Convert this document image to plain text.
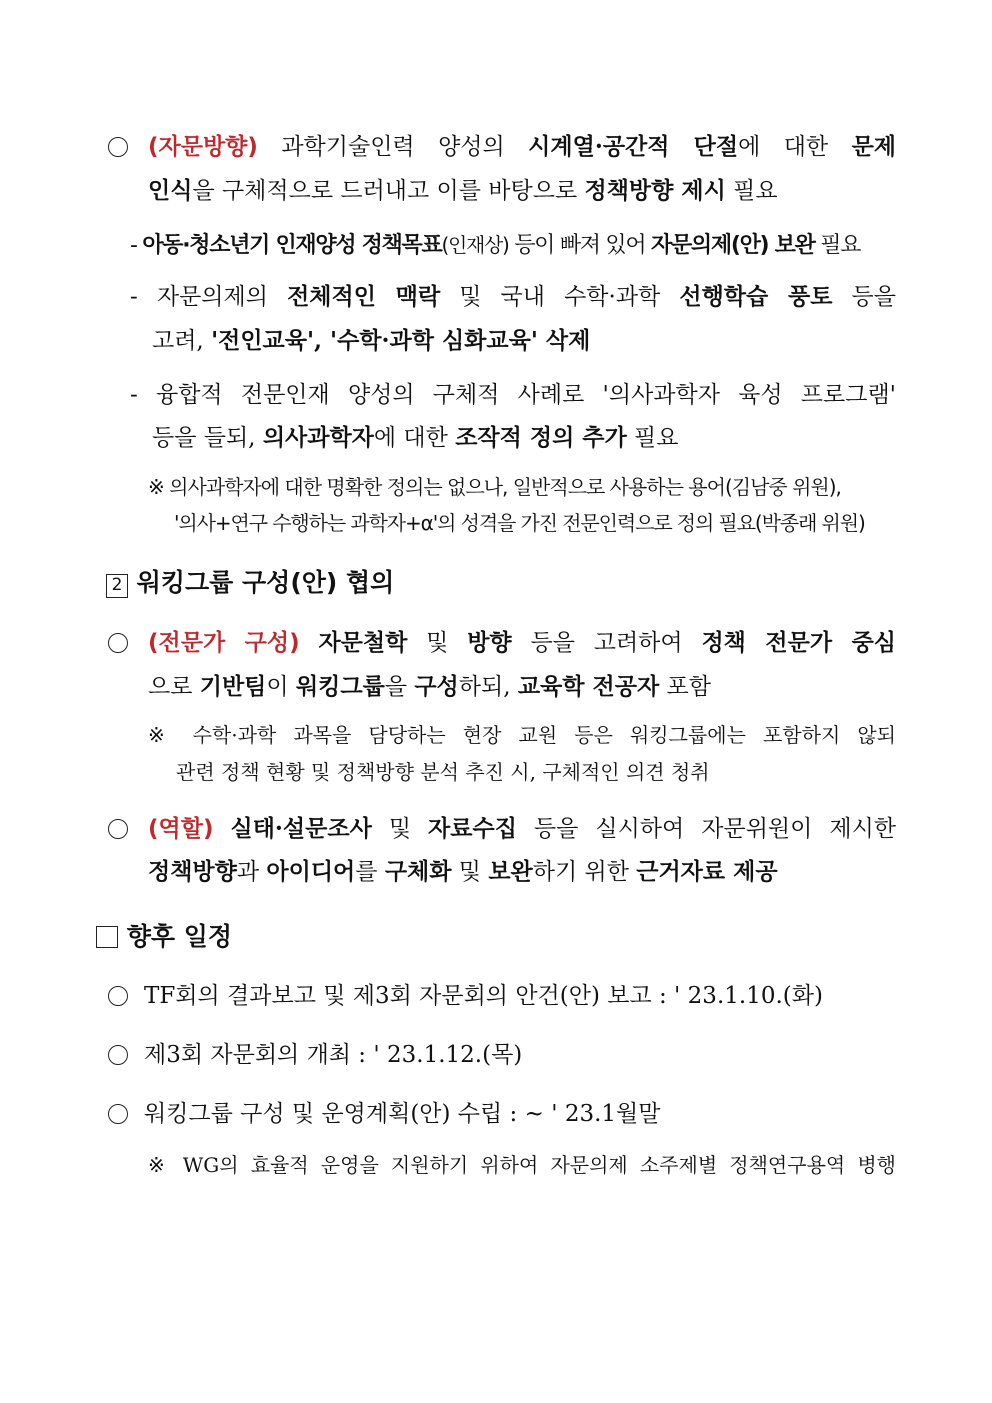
(자문방향) 과학기술인력 양성의 시계열·공간적 단절에 대한 문제
인식을 구체적으로 드러내고 이를 바탕으로 정책방향 제시 필요
- 아동·청소년기 인재양성 정책목표(인재상) 등이 빠져 있어 자문의제(안) 보완 필요
- 자문의제의 전체적인 맥락 및 국내 수학·과학 선행학습 풍토 등을
고려, '전인교육', '수학·과학 심화교육' 삭제
- 융합적 전문인재 양성의 구체적 사례로 '의사과학자 육성 프로그램'
등을 들되, 의사과학자에 대한 조작적 정의 추가 필요
※ 의사과학자에 대한 명확한 정의는 없으나, 일반적으로 사용하는 용어(김남중 위원),
'의사+연구 수행하는 과학자+α'의 성격을 가진 전문인력으로 정의 필요(박종래 위원)
2 워킹그룹 구성(안) 협의
(전문가 구성) 자문철학 및 방향 등을 고려하여 정책 전문가 중심
으로 기반팀이 워킹그룹을 구성하되, 교육학 전공자 포함
※ 수학·과학 과목을 담당하는 현장 교원 등은 워킹그룹에는 포함하지 않되
관련 정책 현황 및 정책방향 분석 추진 시, 구체적인 의견 청취
(역할) 실태·설문조사 및 자료수집 등을 실시하여 자문위원이 제시한
정책방향과 아이디어를 구체화 및 보완하기 위한 근거자료 제공
향후 일정
TF회의 결과보고 및 제3회 자문회의 안건(안) 보고 : ' 23.1.10.(화)
제3회 자문회의 개최 : ' 23.1.12.(목)
워킹그룹 구성 및 운영계획(안) 수립 : ~ ' 23.1월말
※ WG의 효율적 운영을 지원하기 위하여 자문의제 소주제별 정책연구용역 병행
